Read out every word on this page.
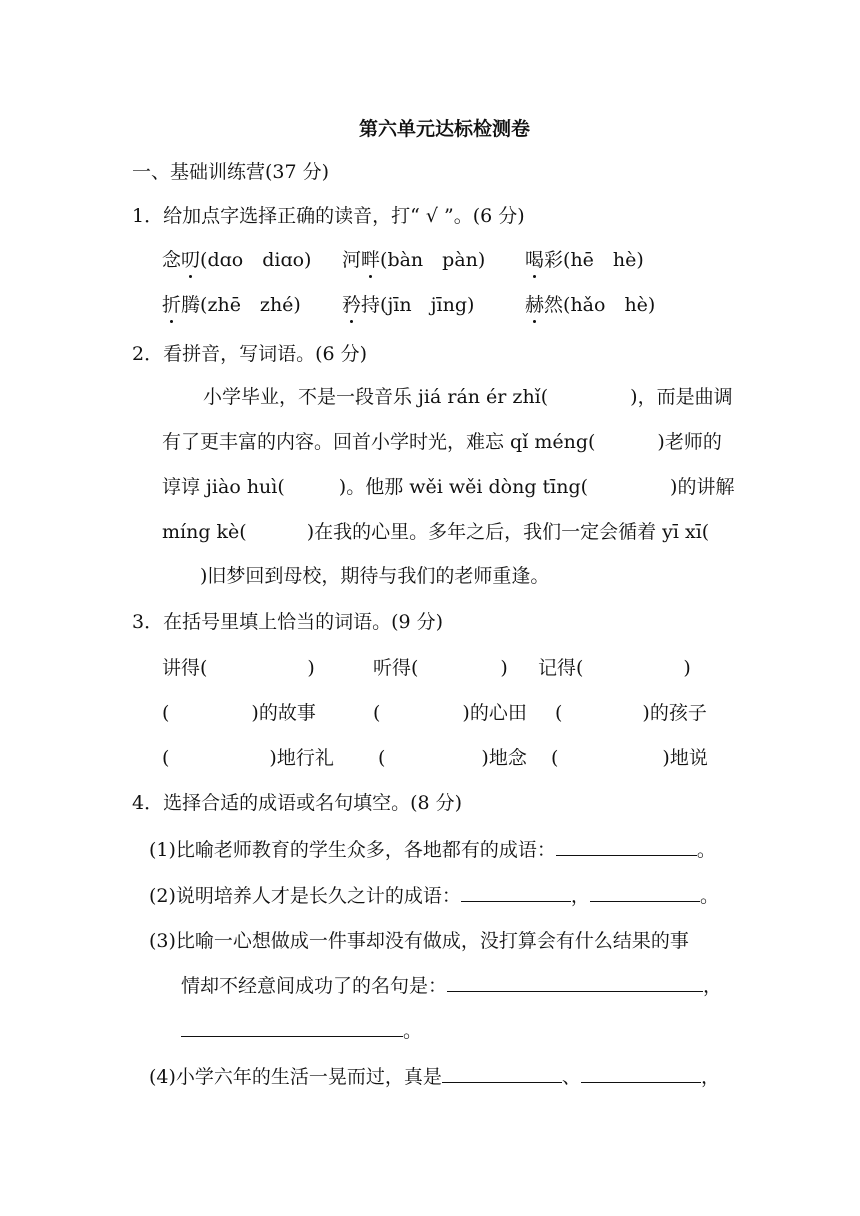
第六单元达标检测卷
一、基础训练营(37 分)
1．给加点字选择正确的读音，打“ √ ”。(6 分)
念叨(dɑo　diɑo) 河畔(bàn　pàn) 喝彩(hē　hè)
折腾(zhē　zhé) 矜持(jīn　jīng)	赫然(hǎo　hè)
2．看拼音，写词语。(6 分)
小学毕业，不是一段音乐 jiá rán ér zhǐ(	)，而是曲调
有了更丰富的内容。回首小学时光，难忘 qǐ méng(	)老师的
谆谆 jiào huì(	)。他那 wěi wěi dòng tīng(	)的讲解
míng kè(	)在我的心里。多年之后，我们一定会循着 yī xī(
)旧梦回到母校，期待与我们的老师重逢。
3．在括号里填上恰当的词语。(9 分)
讲得(	)	听得(	) 记得(	)
(	)的故事	(	)的心田 (	)的孩子
(	)地行礼 (	)地念 (	)地说
4．选择合适的成语或名句填空。(8 分)
(1)比喻老师教育的学生众多，各地都有的成语：	。
(2)说明培养人才是长久之计的成语：	，	。
(3)比喻一心想做成一件事却没有做成，没打算会有什么结果的事
情却不经意间成功了的名句是：	，
。
(4)小学六年的生活一晃而过，真是	、	，
